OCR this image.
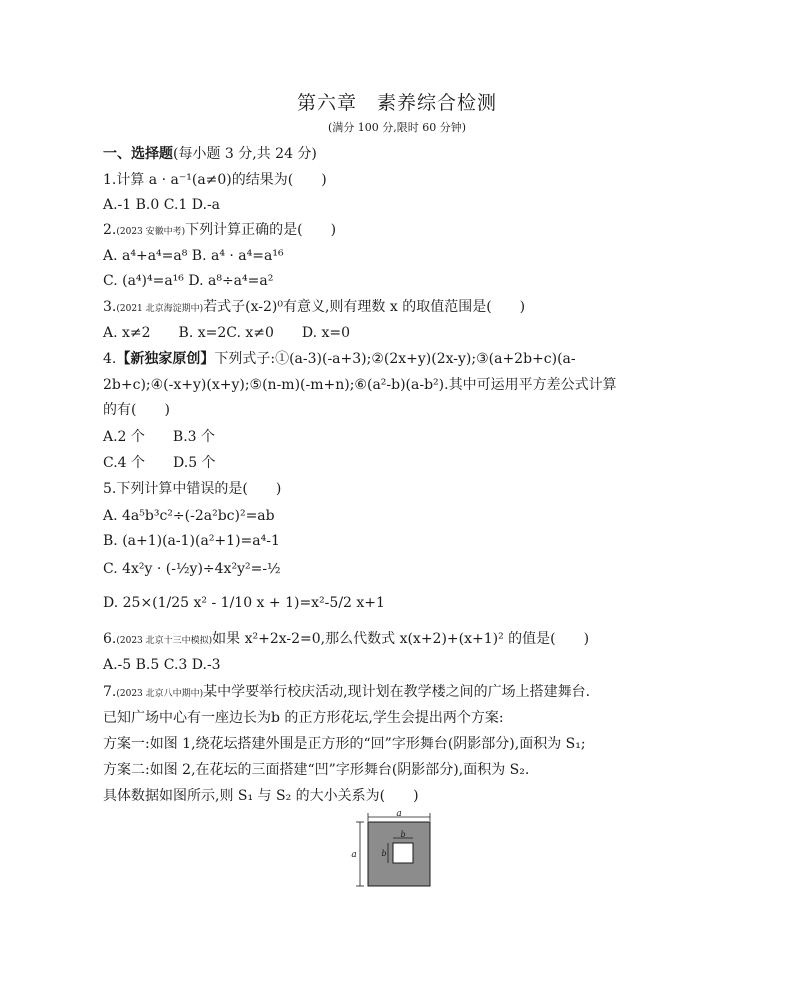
第六章　素养综合检测
(满分 100 分,限时 60 分钟)
一、选择题(每小题 3 分,共 24 分)
1.计算 a · a⁻¹(a≠0)的结果为(　　)
A.-1 B.0 C.1 D.-a
2.(2023 安徽中考)下列计算正确的是(　　)
A. a⁴+a⁴=a⁸ B. a⁴ · a⁴=a¹⁶
C. (a⁴)⁴=a¹⁶ D. a⁸÷a⁴=a²
3.(2021 北京海淀期中)若式子(x-2)⁰有意义,则有理数 x 的取值范围是(　　)
A. x≠2　　B. x=2C. x≠0　　D. x=0
4.【新独家原创】下列式子:①(a-3)(-a+3);②(2x+y)(2x-y);③(a+2b+c)(a-
2b+c);④(-x+y)(x+y);⑤(n-m)(-m+n);⑥(a²-b)(a-b²).其中可运用平方差公式计算
的有(　　)
A.2 个　　B.3 个
C.4 个　　D.5 个
5.下列计算中错误的是(　　)
A. 4a⁵b³c²÷(-2a²bc)²=ab
B. (a+1)(a-1)(a²+1)=a⁴-1
C. 4x²y · (-½y)÷4x²y²=-½
D. 25×(1/25 x² - 1/10 x + 1)=x²-5/2 x+1
6.(2023 北京十三中模拟)如果 x²+2x-2=0,那么代数式 x(x+2)+(x+1)² 的值是(　　)
A.-5 B.5 C.3 D.-3
7.(2023 北京八中期中)某中学要举行校庆活动,现计划在教学楼之间的广场上搭建舞台.
已知广场中心有一座边长为b 的正方形花坛,学生会提出两个方案:
方案一:如图 1,绕花坛搭建外围是正方形的“回”字形舞台(阴影部分),面积为 S₁;
方案二:如图 2,在花坛的三面搭建“凹”字形舞台(阴影部分),面积为 S₂.
具体数据如图所示,则 S₁ 与 S₂ 的大小关系为(　　)
a
a
b
b
